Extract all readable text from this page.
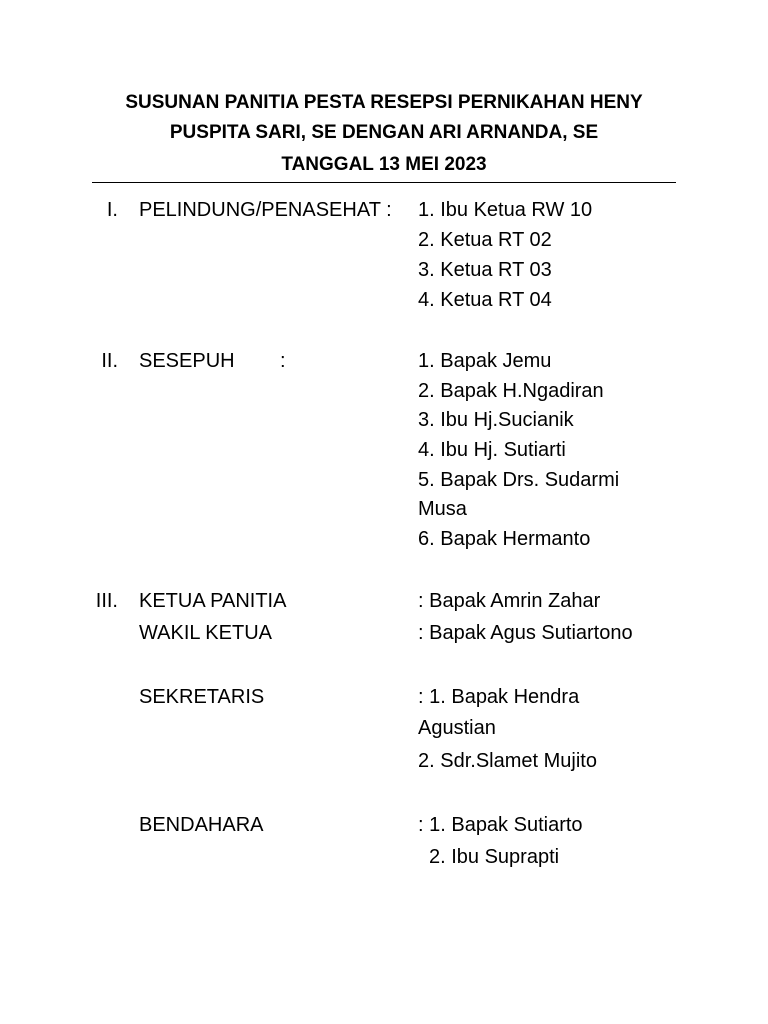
SUSUNAN PANITIA PESTA RESEPSI PERNIKAHAN HENY
PUSPITA SARI, SE DENGAN ARI ARNANDA, SE
TANGGAL 13 MEI 2023
I. PELINDUNG/PENASEHAT : 1. Ibu Ketua RW 10
2. Ketua RT 02
3. Ketua RT 03
4. Ketua RT 04
II. SESEPUH :	1. Bapak Jemu
2. Bapak H.Ngadiran
3. Ibu Hj.Sucianik
4. Ibu Hj. Sutiarti
5. Bapak Drs. Sudarmi
Musa
6. Bapak Hermanto
III. KETUA PANITIA	: Bapak Amrin Zahar
WAKIL KETUA	: Bapak Agus Sutiartono
SEKRETARIS	: 1. Bapak Hendra
Agustian
2. Sdr.Slamet Mujito
BENDAHARA	: 1. Bapak Sutiarto
2. Ibu Suprapti
